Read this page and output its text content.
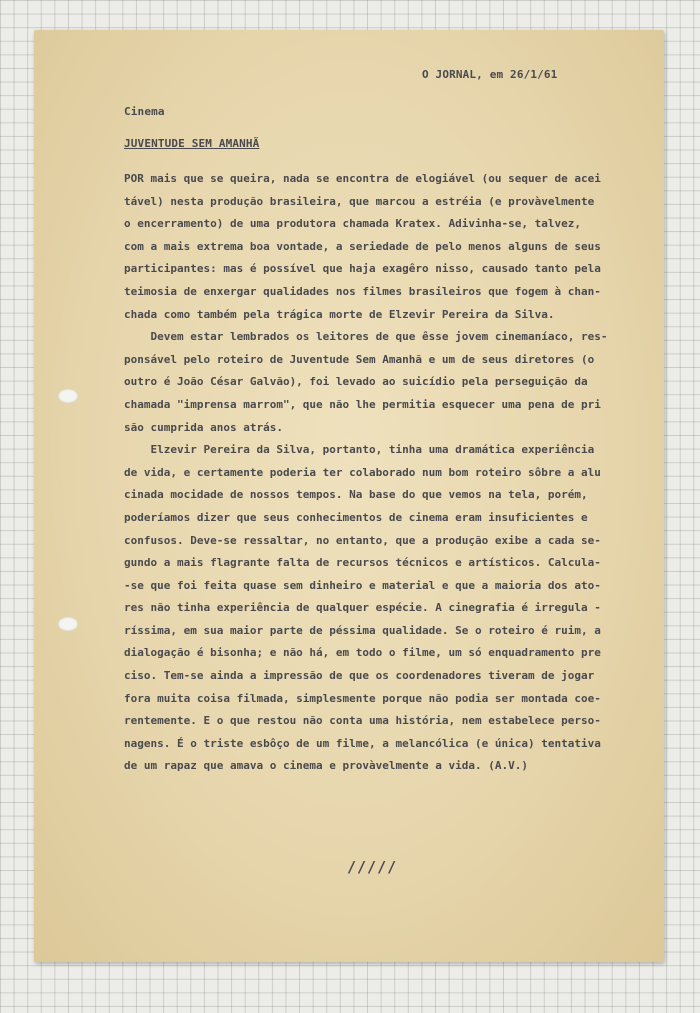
O JORNAL, em 26/1/61
Cinema
JUVENTUDE SEM AMANHÃ
POR mais que se queira, nada se encontra de elogiável (ou sequer de acei
tável) nesta produção brasileira, que marcou a estréia (e provàvelmente
o encerramento) de uma produtora chamada Kratex. Adivinha-se, talvez,
com a mais extrema boa vontade, a seriedade de pelo menos alguns de seus
participantes: mas é possível que haja exagêro nisso, causado tanto pela
teimosia de enxergar qualidades nos filmes brasileiros que fogem à chan-
chada como também pela trágica morte de Elzevir Pereira da Silva.
Devem estar lembrados os leitores de que êsse jovem cinemaníaco, res-
ponsável pelo roteiro de Juventude Sem Amanhã e um de seus diretores (o
outro é João César Galvão), foi levado ao suicídio pela perseguição da
chamada "imprensa marrom", que não lhe permitia esquecer uma pena de pri
são cumprida anos atrás.
Elzevir Pereira da Silva, portanto, tinha uma dramática experiência
de vida, e certamente poderia ter colaborado num bom roteiro sôbre a alu
cinada mocidade de nossos tempos. Na base do que vemos na tela, porém,
poderíamos dizer que seus conhecimentos de cinema eram insuficientes e
confusos. Deve-se ressaltar, no entanto, que a produção exibe a cada se-
gundo a mais flagrante falta de recursos técnicos e artísticos. Calcula-
-se que foi feita quase sem dinheiro e material e que a maioria dos ato-
res não tinha experiência de qualquer espécie. A cinegrafia é irregula -
ríssima, em sua maior parte de péssima qualidade. Se o roteiro é ruim, a
dialogação é bisonha; e não há, em todo o filme, um só enquadramento pre
ciso. Tem-se ainda a impressão de que os coordenadores tiveram de jogar
fora muita coisa filmada, simplesmente porque não podia ser montada coe-
rentemente. E o que restou não conta uma história, nem estabelece perso-
nagens. É o triste esbôço de um filme, a melancólica (e única) tentativa
de um rapaz que amava o cinema e provàvelmente a vida. (A.V.)
/////
